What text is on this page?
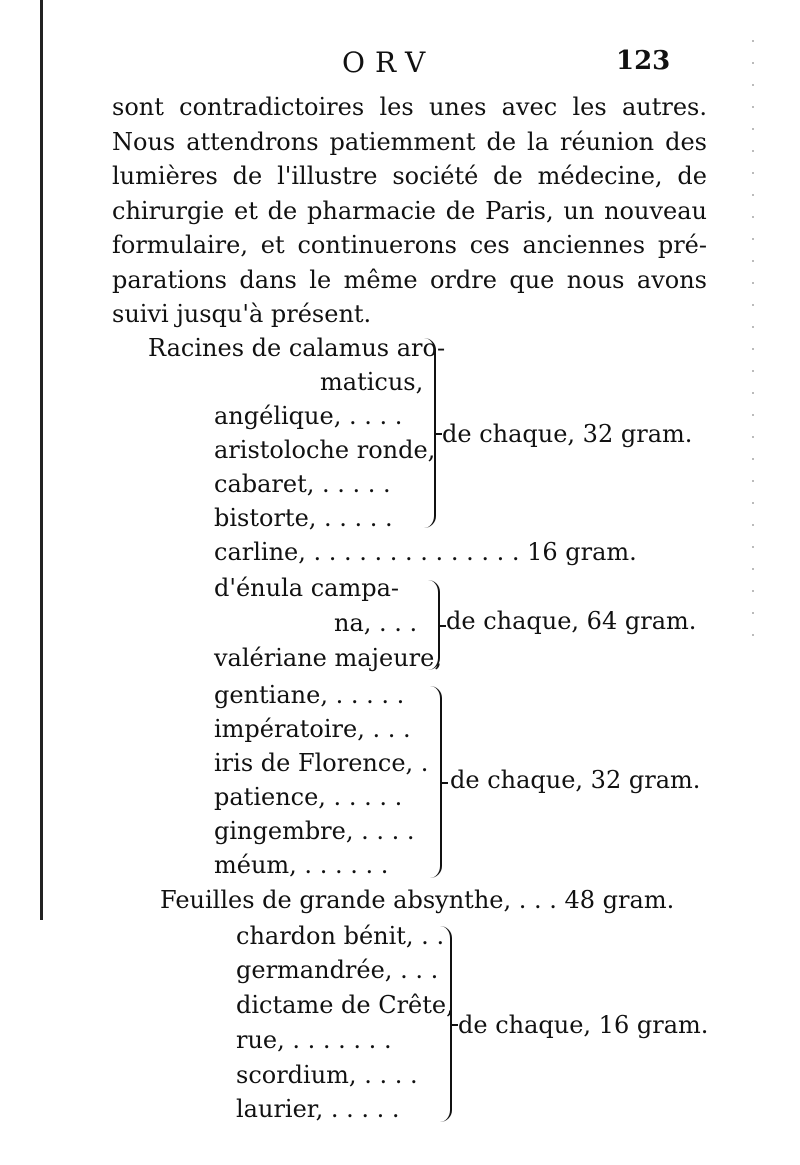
ORV	123
sont contradictoires les unes avec les autres.
Nous attendrons patiemment de la réunion des
lumières de l'illustre société de médecine, de
chirurgie et de pharmacie de Paris, un nouveau
formulaire, et continuerons ces anciennes pré-
parations dans le même ordre que nous avons
suivi jusqu'à présent.
Racines de calamus aro-
maticus,
angélique, . . . .
aristoloche ronde,
cabaret, . . . . .
bistorte, . . . . .
de chaque, 32 gram.
carline, . . . . . . . . . . . . . . 16 gram.
d'énula campa-
na, . . .
valériane majeure,
de chaque, 64 gram.
gentiane, . . . . .
impératoire, . . .
iris de Florence, .
patience, . . . . .
gingembre, . . . .
méum, . . . . . .
de chaque, 32 gram.
Feuilles de grande absynthe, . . . 48 gram.
chardon bénit, . .
germandrée, . . .
dictame de Crête,
rue, . . . . . . .
scordium, . . . .
laurier, . . . . .
de chaque, 16 gram.
